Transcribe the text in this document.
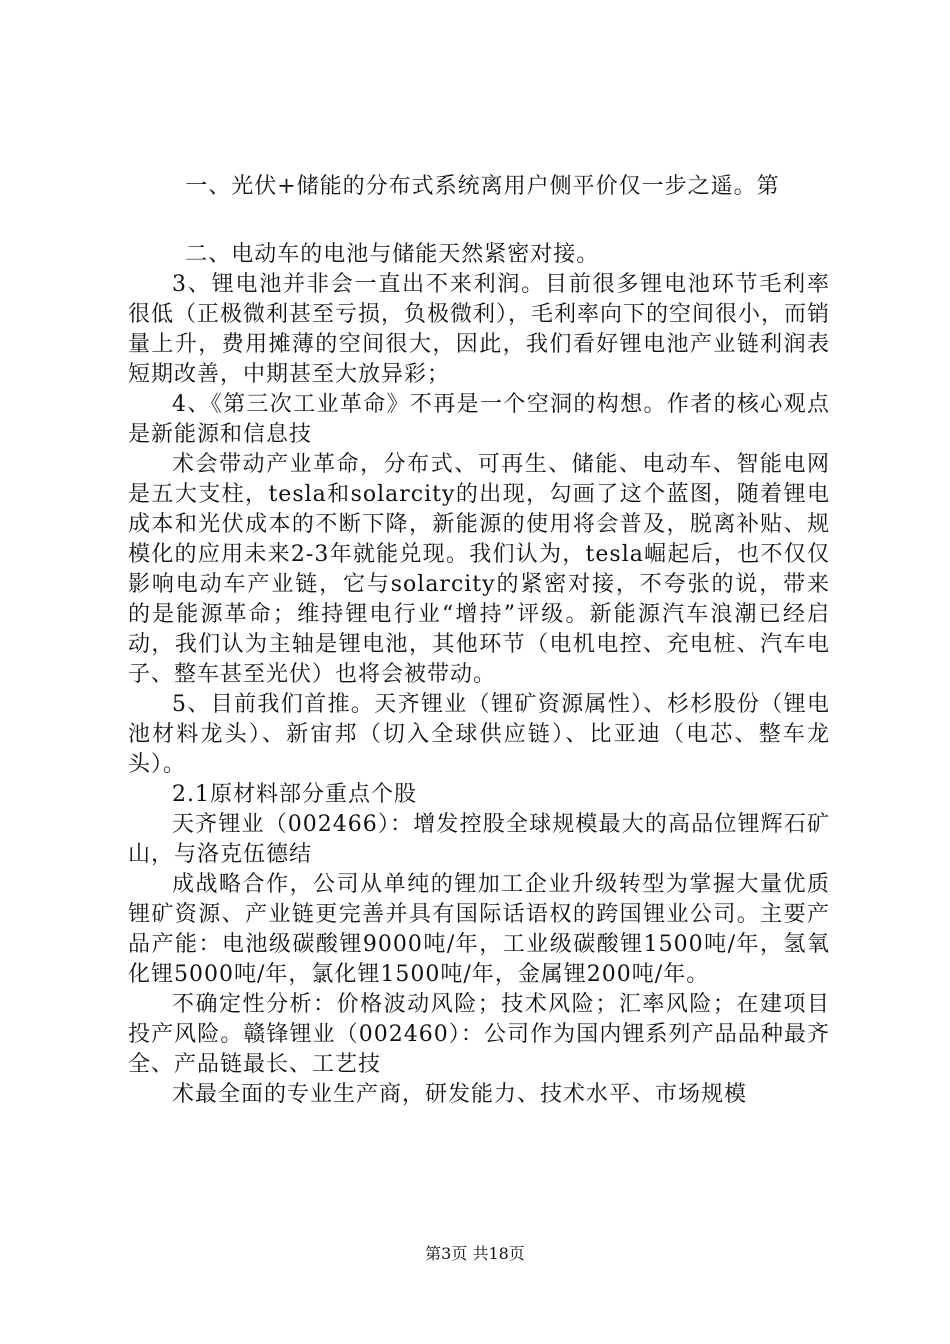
一、光伏+储能的分布式系统离用户侧平价仅一步之遥。第

二、电动车的电池与储能天然紧密对接。

3、锂电池并非会一直出不来利润。目前很多锂电池环节毛利率很低（正极微利甚至亏损，负极微利），毛利率向下的空间很小，而销量上升，费用摊薄的空间很大，因此，我们看好锂电池产业链利润表短期改善，中期甚至大放异彩；

4、《第三次工业革命》不再是一个空洞的构想。作者的核心观点是新能源和信息技

术会带动产业革命，分布式、可再生、储能、电动车、智能电网是五大支柱，tesla和solarcity的出现，勾画了这个蓝图，随着锂电成本和光伏成本的不断下降，新能源的使用将会普及，脱离补贴、规模化的应用未来2-3年就能兑现。我们认为，tesla崛起后，也不仅仅影响电动车产业链，它与solarcity的紧密对接，不夸张的说，带来的是能源革命；维持锂电行业“增持”评级。新能源汽车浪潮已经启动，我们认为主轴是锂电池，其他环节（电机电控、充电桩、汽车电子、整车甚至光伏）也将会被带动。

5、目前我们首推。天齐锂业（锂矿资源属性）、杉杉股份（锂电池材料龙头）、新宙邦（切入全球供应链）、比亚迪（电芯、整车龙头）。

2.1原材料部分重点个股

天齐锂业（002466）：增发控股全球规模最大的高品位锂辉石矿山，与洛克伍德结

成战略合作，公司从单纯的锂加工企业升级转型为掌握大量优质锂矿资源、产业链更完善并具有国际话语权的跨国锂业公司。主要产品产能：电池级碳酸锂9000吨/年，工业级碳酸锂1500吨/年，氢氧化锂5000吨/年，氯化锂1500吨/年，金属锂200吨/年。

不确定性分析：价格波动风险；技术风险；汇率风险；在建项目投产风险。赣锋锂业（002460）：公司作为国内锂系列产品品种最齐全、产品链最长、工艺技

术最全面的专业生产商，研发能力、技术水平、市场规模

第3页 共18页
